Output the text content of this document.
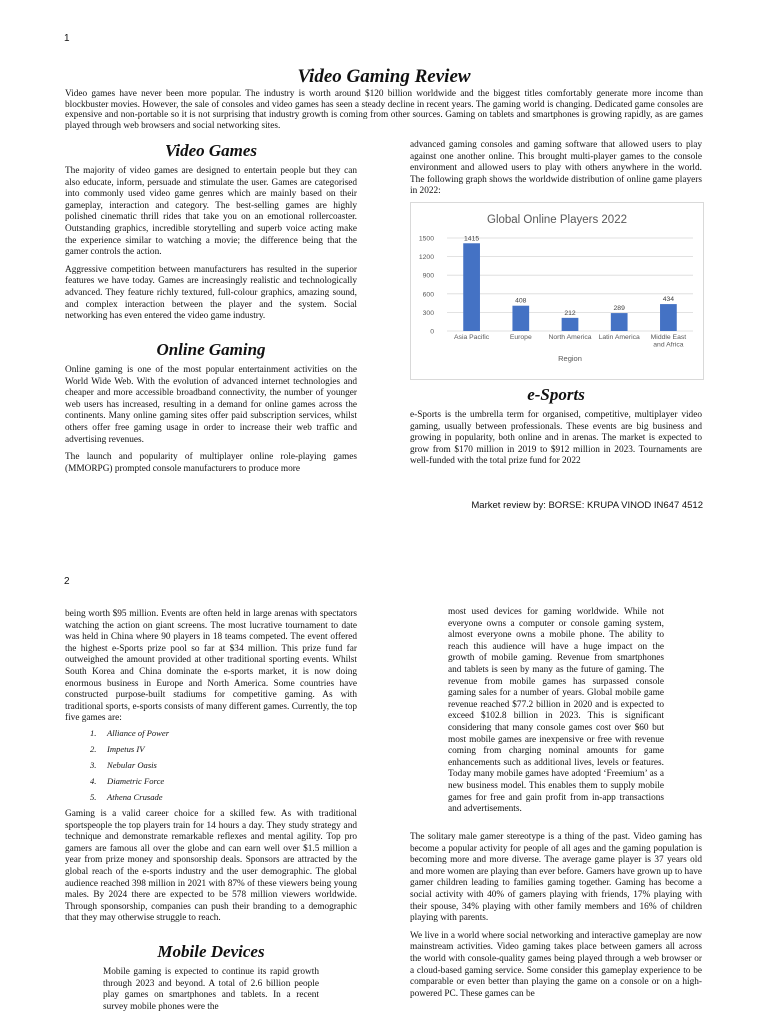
1
Video Gaming Review
Video games have never been more popular. The industry is worth around $120 billion worldwide and the biggest titles comfortably generate more income than blockbuster movies. However, the sale of consoles and video games has seen a steady decline in recent years. The gaming world is changing. Dedicated game consoles are expensive and non-portable so it is not surprising that industry growth is coming from other sources. Gaming on tablets and smartphones is growing rapidly, as are games played through web browsers and social networking sites.
Video Games

The majority of video games are designed to entertain people but they can also educate, inform, persuade and stimulate the user. Games are categorised into commonly used video game genres which are mainly based on their gameplay, interaction and category. The best-selling games are highly polished cinematic thrill rides that take you on an emotional rollercoaster. Outstanding graphics, incredible storytelling and superb voice acting make the experience similar to watching a movie; the difference being that the gamer controls the action.

Aggressive competition between manufacturers has resulted in the superior features we have today. Games are increasingly realistic and technologically advanced. They feature richly textured, full-colour graphics, amazing sound, and complex interaction between the player and the system. Social networking has even entered the video game industry.

Online Gaming

Online gaming is one of the most popular entertainment activities on the World Wide Web. With the evolution of advanced internet technologies and cheaper and more accessible broadband connectivity, the number of younger web users has increased, resulting in a demand for online games across the continents. Many online gaming sites offer paid subscription services, whilst others offer free gaming usage in order to increase their web traffic and advertising revenues.

The launch and popularity of multiplayer online role-playing games (MMORPG) prompted console manufacturers to produce more

advanced gaming consoles and gaming software that allowed users to play against one another online. This brought multi-player games to the console environment and allowed users to play with others anywhere in the world. The following graph shows the worldwide distribution of online game players in 2022:

Global Online Players 2022
0
300
600
900
1200
1500	1415
Asia Pacific
408
Europe
212
North America
289
Latin America
434
Middle East and Africa
Region
e-Sports

e-Sports is the umbrella term for organised, competitive, multiplayer video gaming, usually between professionals. These events are big business and growing in popularity, both online and in arenas. The market is expected to grow from $170 million in 2019 to $912 million in 2023. Tournaments are well-funded with the total prize fund for 2022

Market review by: BORSE: KRUPA VINOD IN647 4512
2

being worth $95 million. Events are often held in large arenas with spectators watching the action on giant screens. The most lucrative tournament to date was held in China where 90 players in 18 teams competed. The event offered the highest e-Sports prize pool so far at $34 million. This prize fund far outweighed the amount provided at other traditional sporting events. Whilst South Korea and China dominate the e-sports market, it is now doing enormous business in Europe and North America. Some countries have constructed purpose-built stadiums for competitive gaming. As with traditional sports, e-sports consists of many different games. Currently, the top five games are:

1. Alliance of Power
2. Impetus IV
3. Nebular Oasis
4. Diametric Force
5. Athena Crusade

Gaming is a valid career choice for a skilled few. As with traditional sportspeople the top players train for 14 hours a day. They study strategy and technique and demonstrate remarkable reflexes and mental agility. Top pro gamers are famous all over the globe and can earn well over $1.5 million a year from prize money and sponsorship deals. Sponsors are attracted by the global reach of the e-sports industry and the user demographic. The global audience reached 398 million in 2021 with 87% of these viewers being young males. By 2024 there are expected to be 578 million viewers worldwide. Through sponsorship, companies can push their branding to a demographic that they may otherwise struggle to reach.

Mobile Devices

Mobile gaming is expected to continue its rapid growth through 2023 and beyond. A total of 2.6 billion people play games on smartphones and tablets. In a recent survey mobile phones were the

most used devices for gaming worldwide. While not everyone owns a computer or console gaming system, almost everyone owns a mobile phone. The ability to reach this audience will have a huge impact on the growth of mobile gaming. Revenue from smartphones and tablets is seen by many as the future of gaming. The revenue from mobile games has surpassed console gaming sales for a number of years. Global mobile game revenue reached $77.2 billion in 2020 and is expected to exceed $102.8 billion in 2023. This is significant considering that many console games cost over $60 but most mobile games are inexpensive or free with revenue coming from charging nominal amounts for game enhancements such as additional lives, levels or features. Today many mobile games have adopted ‘Freemium’ as a new business model. This enables them to supply mobile games for free and gain profit from in-app transactions and advertisements.

The solitary male gamer stereotype is a thing of the past. Video gaming has become a popular activity for people of all ages and the gaming population is becoming more and more diverse. The average game player is 37 years old and more women are playing than ever before. Gamers have grown up to have gamer children leading to families gaming together. Gaming has become a social activity with 40% of gamers playing with friends, 17% playing with their spouse, 34% playing with other family members and 16% of children playing with parents.

We live in a world where social networking and interactive gameplay are now mainstream activities. Video gaming takes place between gamers all across the world with console-quality games being played through a web browser or a cloud-based gaming service. Some consider this gameplay experience to be comparable or even better than playing the game on a console or on a high-powered PC. These games can be
